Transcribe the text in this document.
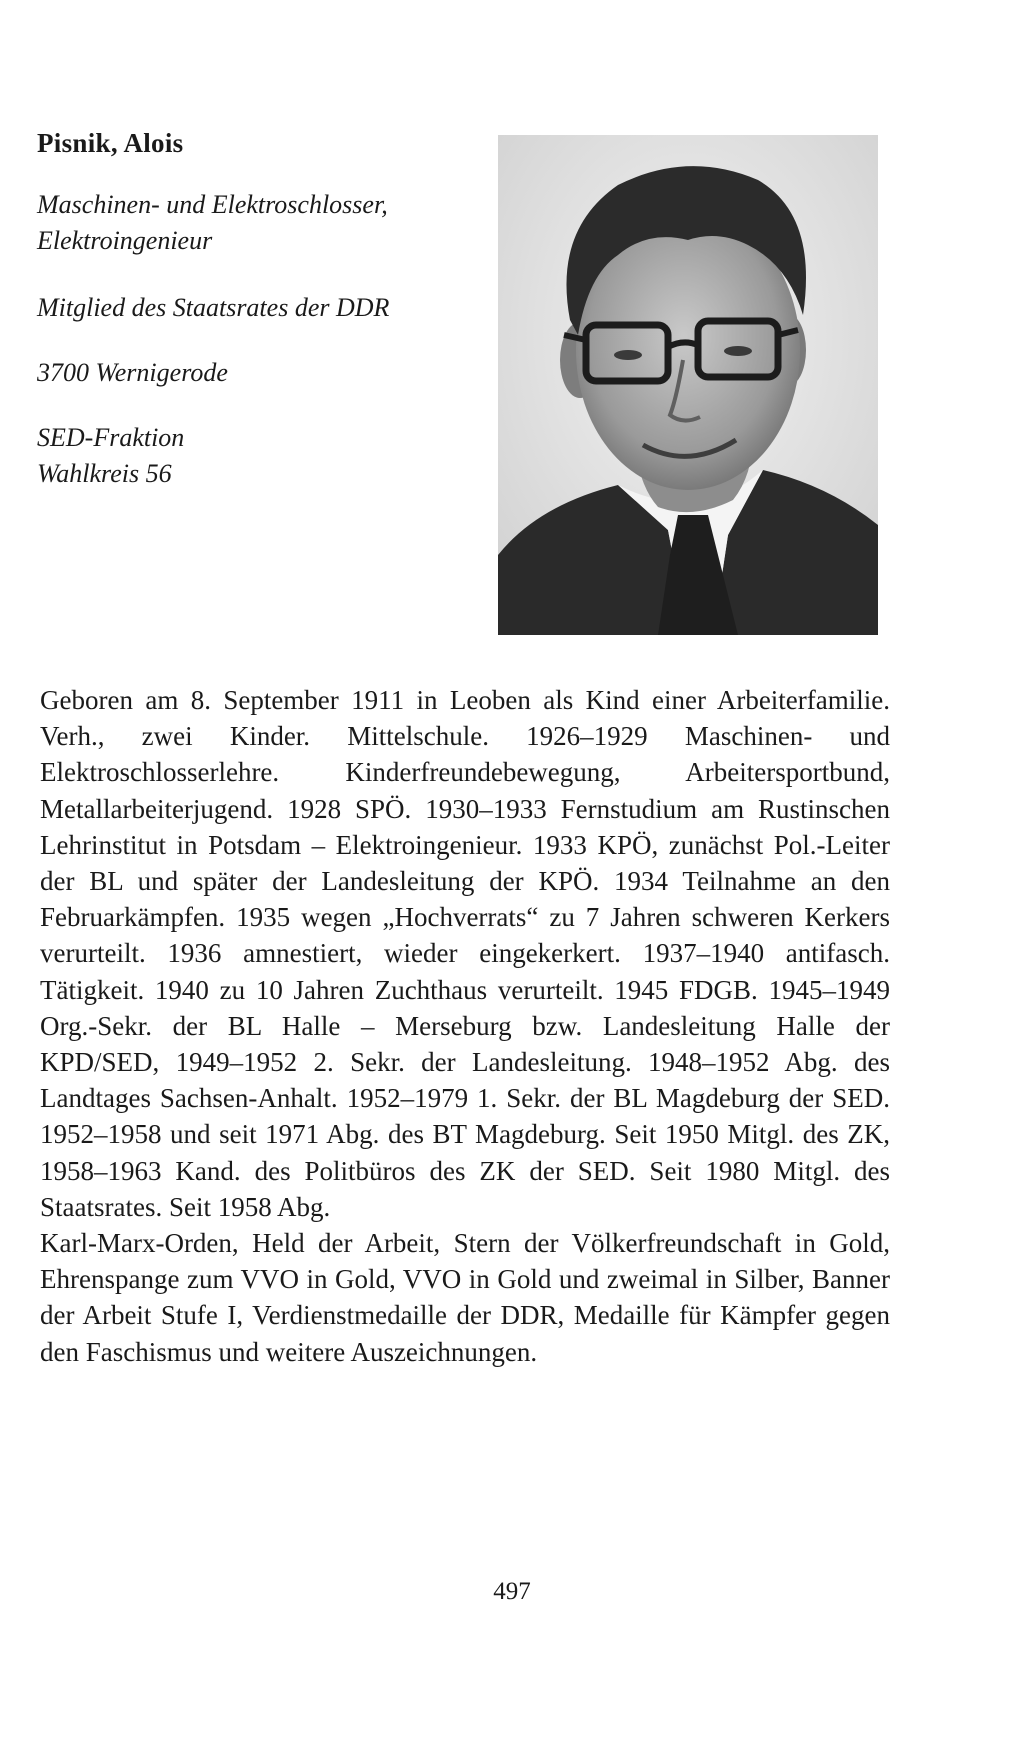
Pisnik, Alois
Maschinen- und Elektroschlosser,
Elektroingenieur
Mitglied des Staatsrates der DDR
3700 Wernigerode
SED-Fraktion
Wahlkreis 56

Geboren am 8. September 1911 in Leoben als Kind einer Arbeiterfamilie. Verh., zwei Kinder. Mittelschule. 1926–1929 Maschinen- und Elektroschlosserlehre. Kinderfreundebewegung, Arbeitersportbund, Metallarbeiterjugend. 1928 SPÖ. 1930–1933 Fernstudium am Rustinschen Lehrinstitut in Potsdam – Elektroingenieur. 1933 KPÖ, zunächst Pol.-Leiter der BL und später der Landesleitung der KPÖ. 1934 Teilnahme an den Februarkämpfen. 1935 wegen „Hochverrats“ zu 7 Jahren schweren Kerkers verurteilt. 1936 amnestiert, wieder eingekerkert. 1937–1940 antifasch. Tätigkeit. 1940 zu 10 Jahren Zuchthaus verurteilt. 1945 FDGB. 1945–1949 Org.-Sekr. der BL Halle – Merseburg bzw. Landesleitung Halle der KPD/SED, 1949–1952 2. Sekr. der Landesleitung. 1948–1952 Abg. des Landtages Sachsen-Anhalt. 1952–1979 1. Sekr. der BL Magdeburg der SED. 1952–1958 und seit 1971 Abg. des BT Magdeburg. Seit 1950 Mitgl. des ZK, 1958–1963 Kand. des Politbüros des ZK der SED. Seit 1980 Mitgl. des Staatsrates. Seit 1958 Abg.

Karl-Marx-Orden, Held der Arbeit, Stern der Völkerfreundschaft in Gold, Ehrenspange zum VVO in Gold, VVO in Gold und zweimal in Silber, Banner der Arbeit Stufe I, Verdienstmedaille der DDR, Medaille für Kämpfer gegen den Faschismus und weitere Auszeichnungen.

497
